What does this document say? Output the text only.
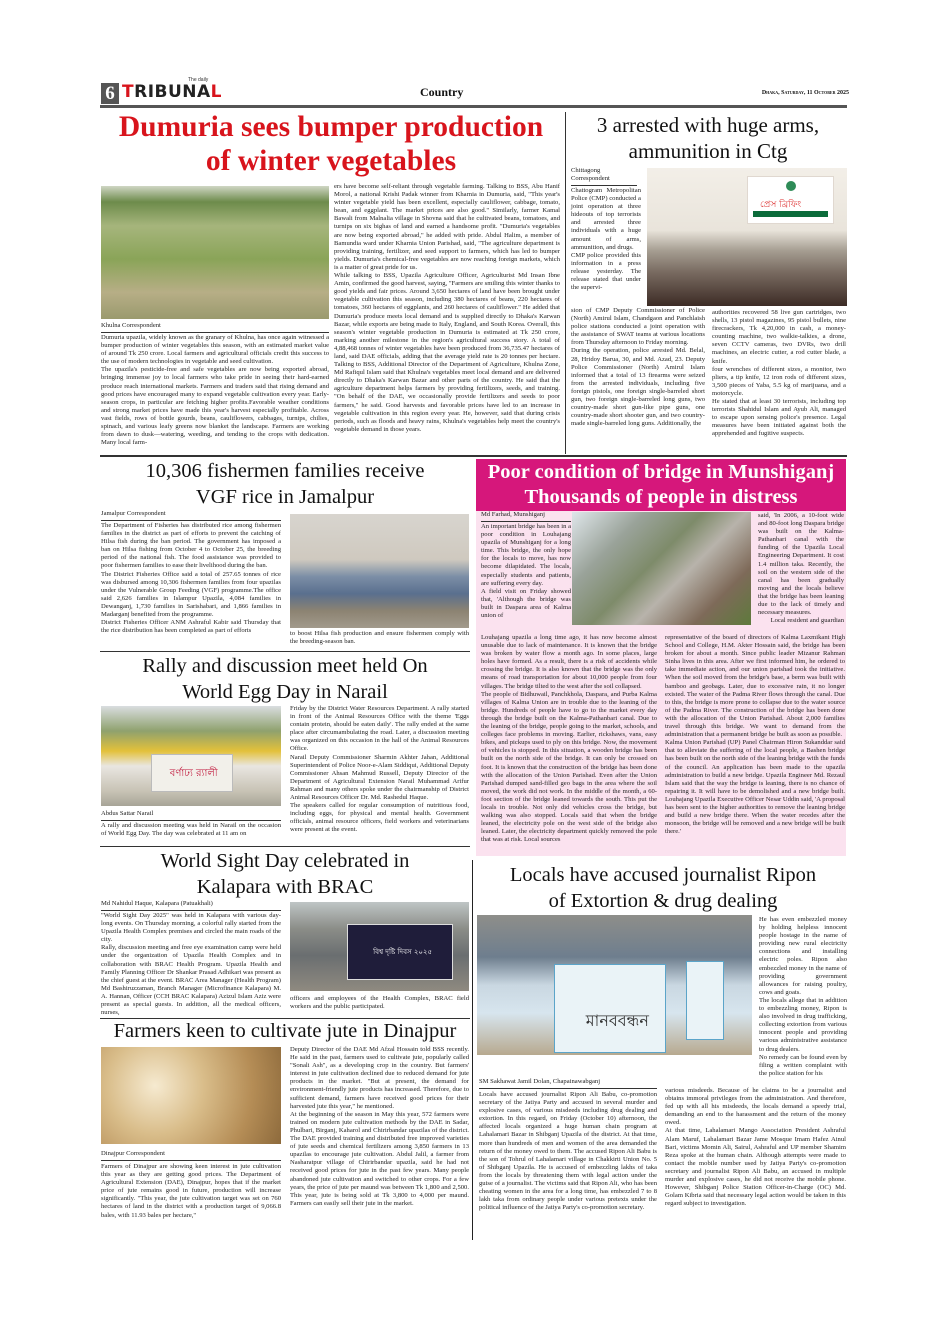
6
The daily
TRIBUNAL	Country	Dhaka, Saturday, 11 October 2025
Dumuria sees bumper production
of winter vegetables
Khulna Correspondent

Dumuria upazila, widely known as the granary of Khulna, has once again witnessed a bumper production of winter vegetables this season, with an estimated market value of around Tk 250 crore. Local farmers and agricultural officials credit this success to the use of modern technologies in vegetable and seed cultivation.

The upazila's pesticide-free and safe vegetables are now being exported abroad, bringing immense joy to local farmers who take pride in seeing their hard-earned produce reach international markets. Farmers and traders said that rising demand and good prices have encouraged many to expand vegetable cultivation every year. Early-season crops, in particular are fetching higher profits.Favorable weather conditions and strong market prices have made this year's harvest especially profitable. Across vast fields, rows of bottle gourds, beans, cauliflowers, cabbages, turnips, chilies, spinach, and various leafy greens now blanket the landscape. Farmers are working from dawn to dusk—watering, weeding, and tending to the crops with dedication. Many local farm-

ers have become self-reliant through vegetable farming. Talking to BSS, Abu Hanif Morol, a national Krishi Padak winner from Kharnia in Dumuria, said, "This year's winter vegetable yield has been excellent, especially cauliflower, cabbage, tomato, bean, and eggplant. The market prices are also good." Similarly, farmer Kamal Bawali from Malnalia village in Shovna said that he cultivated beans, tomatoes, and turnips on six bighas of land and earned a handsome profit. "Dumuria's vegetables are now being exported abroad," he added with pride. Abdul Halim, a member of Bamundia ward under Kharnia Union Parishad, said, "The agriculture department is providing training, fertilizer, and seed support to farmers, which has led to bumper yields. Dumuria's chemical-free vegetables are now reaching foreign markets, which is a matter of great pride for us.

While talking to BSS, Upazila Agriculture Officer, Agriculturist Md Insan Ibne Amin, confirmed the good harvest, saying, "Farmers are smiling this winter thanks to good yields and fair prices. Around 3,650 hectares of land have been brought under vegetable cultivation this season, including 380 hectares of beans, 220 hectares of tomatoes, 360 hectares of eggplants, and 260 hectares of cauliflower." He added that Dumuria's produce meets local demand and is supplied directly to Dhaka's Karwan Bazar, while exports are being made to Italy, England, and South Korea. Overall, this season's winter vegetable production in Dumuria is estimated at Tk 250 crore, marking another milestone in the region's agricultural success story. A total of 4,88,468 tonnes of winter vegetables have been produced from 36,735.47 hectares of land, said DAE officials, adding that the average yield rate is 20 tonnes per hectare. Talking to BSS, Additional Director of the Department of Agriculture, Khulna Zone, Md Rafiqul Islam said that Khulna's vegetables meet local demand and are delivered directly to Dhaka's Karwan Bazar and other parts of the country. He said that the agriculture department helps farmers by providing fertilizers, seeds, and training. "On behalf of the DAE, we occasionally provide fertilizers and seeds to poor farmers," he said. Good harvests and favorable prices have led to an increase in vegetable cultivation in this region every year. He, however, said that during crisis periods, such as floods and heavy rains, Khulna's vegetables help meet the country's vegetable demand in those years.

3 arrested with huge arms,
ammunition in Ctg
Chittagong Correspondent
প্রেস ব্রিফিং

Chattogram Metropolitan Police (CMP) conducted a joint operation at three hideouts of top terrorists and arrested three individuals with a huge amount of arms, ammunition, and drugs.

CMP police provided this information in a press release yesterday. The release stated that under the supervi-

sion of CMP Deputy Commissioner of Police (North) Amirul Islam, Chandgaon and Panchlaish police stations conducted a joint operation with the assistance of SWAT teams at various locations from Thursday afternoon to Friday morning.

During the operation, police arrested Md. Belal, 28, Hridoy Barua, 30, and Md. Azad, 23. Deputy Police Commissioner (North) Amirul Islam informed that a total of 13 firearms were seized from the arrested individuals, including five foreign pistols, one foreign single-barreled short gun, two foreign single-barreled long guns, two country-made short gun-like pipe guns, one country-made short shooter gun, and two country-made single-barreled long guns. Additionally, the

authorities recovered 58 live gun cartridges, two shells, 13 pistol magazines, 95 pistol bullets, nine firecrackers, Tk 4,20,000 in cash, a money-counting machine, two walkie-talkies, a drone, seven CCTV cameras, two DVRs, two drill machines, an electric cutter, a rod cutter blade, a knife.

four wrenches of different sizes, a monitor, two pliers, a tip knife, 12 iron rods of different sizes, 3,500 pieces of Yaba, 5.5 kg of marijuana, and a motorcycle.

He stated that at least 30 terrorists, including top terrorists Shahidul Islam and Ayub Ali, managed to escape upon sensing police's presence. Legal measures have been initiated against both the apprehended and fugitive suspects.

10,306 fishermen families receive
VGF rice in Jamalpur
Jamalpur Correspondent

The Department of Fisheries has distributed rice among fishermen families in the district as part of efforts to prevent the catching of Hilsa fish during the ban period. The government has imposed a ban on Hilsa fishing from October 4 to October 25, the breeding period of the national fish. The food assistance was provided to poor fishermen families to ease their livelihood during the ban.

The District Fisheries Office said a total of 257.65 tonnes of rice was disbursed among 10,306 fishermen families from four upazilas under the Vulnerable Group Feeding (VGF) programme.The office said 2,626 families in Islampur Upazila, 4,084 families in Dewanganj, 1,730 families in Sarishabari, and 1,866 families in Madarganj benefited from the programme.

District Fisheries Officer ANM Ashraful Kabir said Thursday that the rice distribution has been completed as part of efforts	to boost Hilsa fish production and ensure fishermen comply with the breeding-season ban.
Rally and discussion meet held On
World Egg Day in Narail
বর্ণাঢ্য র‍্যালী
Abdus Sattar Narail
A rally and discussion meeting was held in Narail on the occasion of World Egg Day. The day was celebrated at 11 am on

Friday by the District Water Resources Department. A rally started in front of the Animal Resources Office with the theme 'Eggs contain protein, should be eaten daily'. The rally ended at the same place after circumambulating the road. Later, a discussion meeting was organized on this occasion in the hall of the Animal Resources Office.

Narail Deputy Commissioner Sharmin Akhter Jahan, Additional Superintendent of Police Noor-e-Alam Siddiqui, Additional Deputy Commissioner Ahsan Mahmud Russell, Deputy Director of the Department of Agricultural Extension Narail Muhammad Arifur Rahman and many others spoke under the chairmanship of District Animal Resources Officer Dr. Md. Rashedul Haque.

The speakers called for regular consumption of nutritious food, including eggs, for physical and mental health. Government officials, animal resource officers, field workers and veterinarians were present at the event.

World Sight Day celebrated in
Kalapara with BRAC
Md Nahidul Haque, Kalapara (Patuakhali)

"World Sight Day 2025" was held in Kalapara with various day-long events. On Thursday morning, a colorful rally started from the Upazila Health Complex premises and circled the main roads of the city.

Rally, discussion meeting and free eye examination camp were held under the organization of Upazila Health Complex and in collaboration with BRAC Health Program. Upazila Health and Family Planning Officer Dr Shankar Prasad Adhikari was present as the chief guest at the event. BRAC Area Manager (Health Program) Md Bashiruzzaman, Branch Manager (Microfinance Kalapara) M. A. Hannan, Officer (CCH BRAC Kalapara) Azizul Islam Aziz were present as special guests. In addition, all the medical officers, nurses,

বিশ্ব দৃষ্টি দিবস ২০২৫
officers and employees of the Health Complex, BRAC field workers and the public participated.
Farmers keen to cultivate jute in Dinajpur
Dinajpur Correspondent
Farmers of Dinajpur are showing keen interest in jute cultivation this year as they are getting good prices. The Department of Agricultural Extension (DAE), Dinajpur, hopes that if the market price of jute remains good in future, production will increase significantly. "This year, the jute cultivation target was set on 760 hectares of land in the district with a production target of 9,066.8 bales, with 11.93 bales per hectare,"

Deputy Director of the DAE Md Afzal Hossain told BSS recently. He said in the past, farmers used to cultivate jute, popularly called "Sonali Ash", as a developing crop in the country. But farmers' interest in jute cultivation declined due to reduced demand for jute products in the market. "But at present, the demand for environment-friendly jute products has increased. Therefore, due to sufficient demand, farmers have received good prices for their harvested jute this year," he mentioned.

At the beginning of the season in May this year, 572 farmers were trained on modern jute cultivation methods by the DAE in Sadar, Phulbari, Birganj, Kaharol and Chirirbandar upazilas of the district. The DAE provided training and distributed free improved varieties of jute seeds and chemical fertilizers among 3,850 farmers in 13 upazilas to encourage jute cultivation. Abdul Jalil, a farmer from Nasharatpur village of Chirirbandar upazila, said he had not received good prices for jute in the past few years. Many people abandoned jute cultivation and switched to other crops. For a few years, the price of jute per maund was between Tk 1,800 and 2,500. This year, jute is being sold at Tk 3,800 to 4,000 per maund. Farmers can easily sell their jute in the market.

Poor condition of bridge in Munshiganj
Thousands of people in distress
Md Farhad, Munshiganj

An important bridge has been in a poor condition in Louhajang upazila of Munshiganj for a long time. This bridge, the only hope for the locals to move, has now become dilapidated. The locals, especially students and patients, are suffering every day.

A field visit on Friday showed that, 'Although the bridge was built in Daspara area of Kalma union of

said, 'In 2006, a 10-foot wide and 80-foot long Daspara bridge was built on the Kalma-Pathanbari canal with the funding of the Upazila Local Engineering Department. It cost 1.4 million taka. Recently, the soil on the western side of the canal has been gradually moving and the locals believe that the bridge has been leaning due to the lack of timely and necessary measures.

Local resident and guardian

Louhajang upazila a long time ago, it has now become almost unusable due to lack of maintenance. It is known that the bridge was broken by water flow a month ago. In some places, large holes have formed. As a result, there is a risk of accidents while crossing the bridge. It is also known that the bridge was the only means of road transportation for about 10,000 people from four villages. The bridge tilted to the west after the soil collapsed.

The people of Bidhuwail, Panchkhola, Daspara, and Purba Kalma villages of Kalma Union are in trouble due to the leaning of the bridge. Hundreds of people have to go to the market every day through the bridge built on the Kalma-Pathanbari canal. Due to the leaning of the bridge, people going to the market, schools, and colleges face problems in moving. Earlier, rickshaws, vans, easy bikes, and pickups used to ply on this bridge. Now, the movement of vehicles is stopped. In this situation, a wooden bridge has been built on the north side of the bridge. It can only be crossed on foot. It is known that the construction of the bridge has been done with the allocation of the Union Parishad. Even after the Union Parishad dumped sand-filled geo bags in the area where the soil moved, the work did not work. In the middle of the month, a 60-foot section of the bridge leaned towards the south. This put the locals in trouble. Not only did vehicles cross the bridge, but walking was also stopped. Locals said that when the bridge leaned, the electricity pole on the west side of the bridge also leaned. Later, the electricity department quickly removed the pole that was at risk. Local sources

representative of the board of directors of Kalma Laxmikant High School and College, H.M. Akter Hossain said, the bridge has been broken for about a month. Since public leader Mizanur Rahman Sinha lives in this area. After we first informed him, he ordered to take immediate action, and our union parishad took the initiative. When the soil moved from the bridge's base, a berm was built with bamboo and geobags. Later, due to excessive rain, it no longer existed. The water of the Padma River flows through the canal. Due to this, the bridge is more prone to collapse due to the water source of the Padma River. The construction of the bridge has been done with the allocation of the Union Parishad. About 2,000 families travel through this bridge. We want to demand from the administration that a permanent bridge be built as soon as possible.

Kalma Union Parishad (UP) Panel Chairman Hiron Sukanddar said that to alleviate the suffering of the local people, a Bashen bridge has been built on the north side of the leaning bridge with the funds of the council. An application has been made to the upazila administration to build a new bridge. Upazila Engineer Md. Rezaul Islam said that the way the bridge is leaning, there is no chance of repairing it. It will have to be demolished and a new bridge built. Louhajang Upazila Executive Officer Nesar Uddin said, 'A proposal has been sent to the higher authorities to remove the leaning bridge and build a new bridge there. When the water recedes after the monsoon, the bridge will be removed and a new bridge will be built there.'

Locals have accused journalist Ripon
of Extortion & drug dealing
মানববন্ধন

He has even embezzled money by holding helpless innocent people hostage in the name of providing new rural electricity connections and installing electric poles. Ripon also embezzled money in the name of providing government allowances for raising poultry, cows and goats.

The locals allege that in addition to embezzling money, Ripon is also involved in drug trafficking, collecting extortion from various innocent people and providing various administrative assistance to drug dealers.

No remedy can be found even by filing a written complaint with the police station for his

SM Sakhawat Jamil Dolan, Chapainawabganj
Locals have accused journalist Ripon Ali Babu, co-promotion secretary of the Jatiya Party and accused in several murder and explosive cases, of various misdeeds including drug dealing and extortion. In this regard, on Friday (October 10) afternoon, the affected locals organized a huge human chain program at Lahalamari Bazar in Shibganj Upazila of the district. At that time, more than hundreds of men and women of the area demanded the return of the money owed to them. The accused Ripon Ali Babu is the son of Tohrul of Lahalamari village in Chakkirti Union No. 5 of Shibganj Upazila. He is accused of embezzling lakhs of taka from the locals by threatening them with legal action under the guise of a journalist. The victims said that Ripon Ali, who has been cheating women in the area for a long time, has embezzled 7 to 8 lakh taka from ordinary people under various pretexts under the political influence of the Jatiya Party's co-promotion secretary.

various misdeeds. Because of he claims to be a journalist and obtains immoral privileges from the administration. And therefore, fed up with all his misdeeds, the locals demand a speedy trial, demanding an end to the harassment and the return of the money owed.

At that time, Lahalamari Mango Association President Ashraful Alam Maruf, Lahalamari Bazar Jame Mosque Imam Hafez Ainul Bari, victims Momin Ali, Sairul, Ashraful and UP member Shamim Reza spoke at the human chain. Although attempts were made to contact the mobile number used by Jatiya Party's co-promotion secretary and journalist Ripon Ali Babu, an accused in multiple murder and explosive cases, he did not receive the mobile phone. However, Shibganj Police Station Officer-in-Charge (OC) Md. Golam Kibria said that necessary legal action would be taken in this regard subject to investigation.
